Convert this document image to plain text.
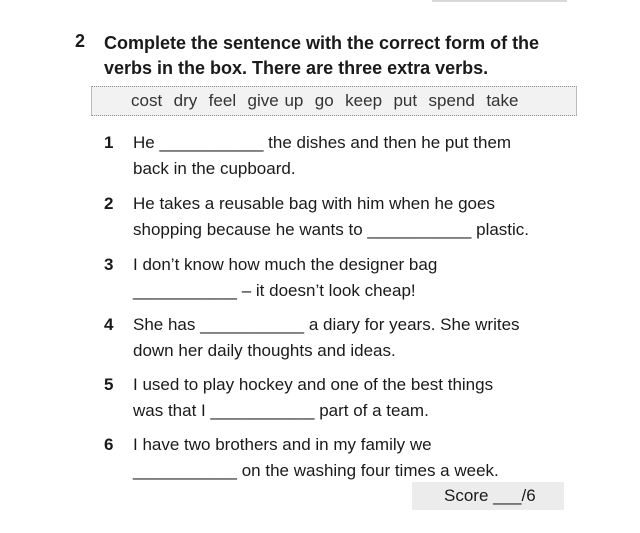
2 Complete the sentence with the correct form of the
verbs in the box. There are three extra verbs.
cost  dry  feel  give up  go  keep  put  spend  take
1	He ___________ the dishes and then he put them
back in the cupboard.
2	He takes a reusable bag with him when he goes
shopping because he wants to ___________ plastic.
3	I don’t know how much the designer bag
___________ – it doesn’t look cheap!
4	She has ___________ a diary for years. She writes
down her daily thoughts and ideas.
5	I used to play hockey and one of the best things
was that I ___________ part of a team.
6	I have two brothers and in my family we
___________ on the washing four times a week.
Score ___/6
